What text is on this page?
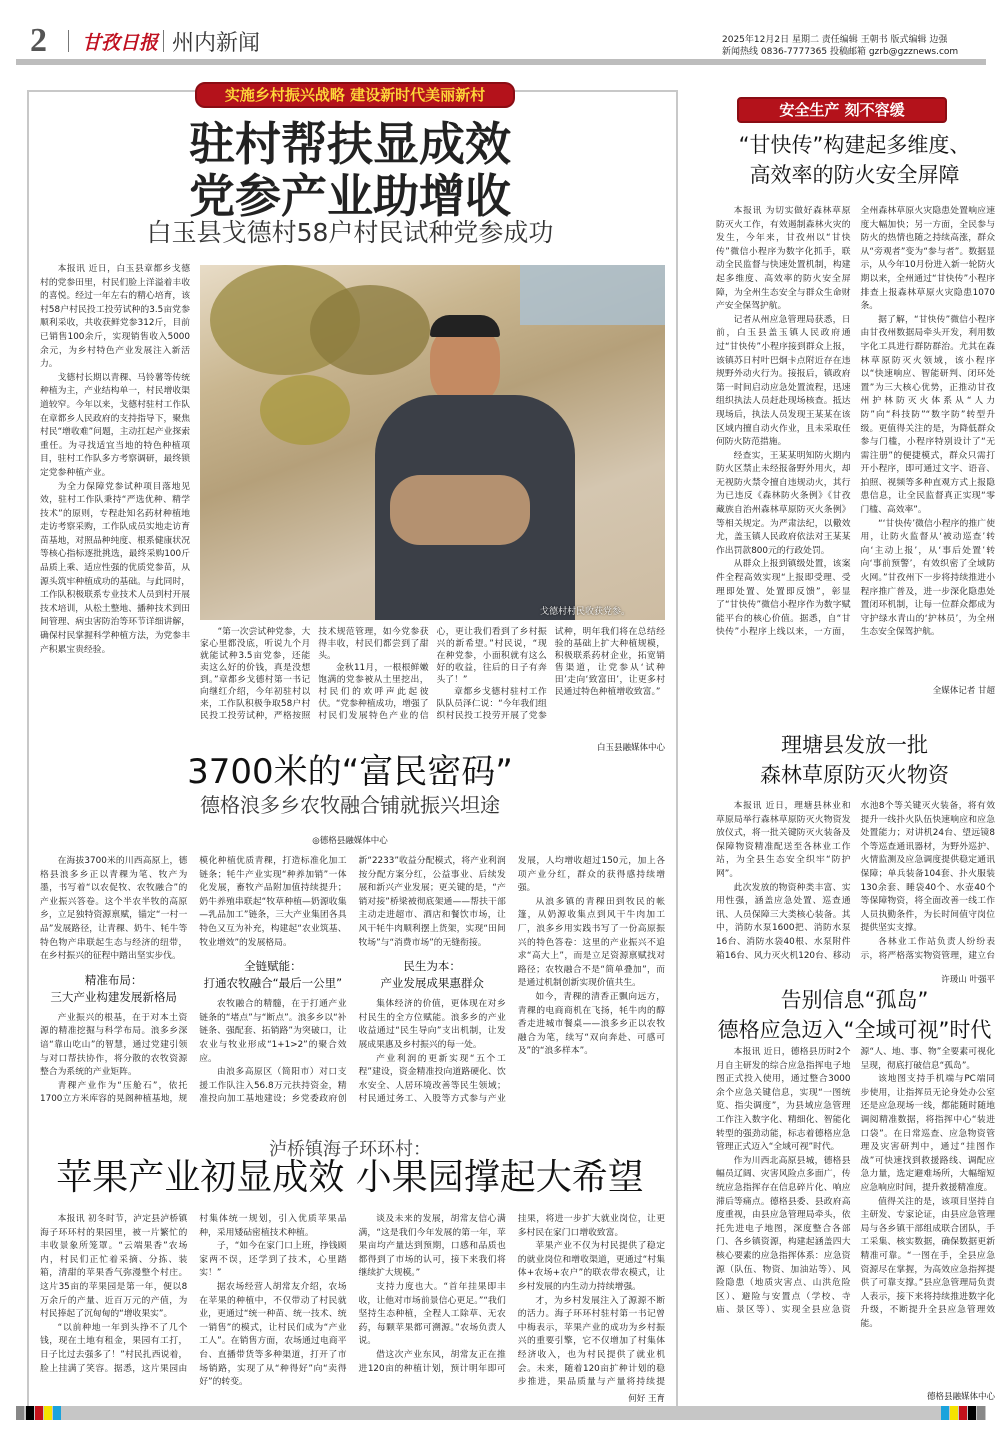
2 甘孜日报 州内新闻	2025年12月2日 星期二 责任编辑 王朝书 版式编辑 边强
新闻热线 0836-7777365 投稿邮箱 gzrb@gzznews.com
实施乡村振兴战略 建设新时代美丽新村
驻村帮扶显成效
党参产业助增收
白玉县戈德村58户村民试种党参成功

本报讯 近日，白玉县章都乡戈德村的党参田里，村民们脸上洋溢着丰收的喜悦。经过一年左右的精心培育，该村58户村民投工投劳试种的3.5亩党参顺利采收，共收获鲜党参312斤，目前已销售100余斤，实现销售收入5000余元，为乡村特色产业发展注入新活力。

戈德村长期以青稞、马铃薯等传统种植为主，产业结构单一，村民增收渠道较窄。今年以来，戈德村驻村工作队在章都乡人民政府的支持指导下，聚焦村民“增收难”问题，主动扛起产业探索重任。为寻找适宜当地的特色种植项目，驻村工作队多方考察调研，最终锁定党参种植产业。

为全力保障党参试种项目落地见效，驻村工作队秉持“严选优种、精学技术”的原则，专程赴知名药材种植地走访考察采购，工作队成员实地走访育苗基地，对照品种纯度、根系健康状况等核心指标逐批挑选，最终采购100斤品质上乘、适应性强的优质党参苗，从源头筑牢种植成功的基础。与此同时，工作队积极联系专业技术人员到村开展技术培训，从松土整地、播种技术到田间管理、病虫害防治等环节详细讲解，确保村民掌握科学种植方法，为党参丰产积累宝贵经验。

戈德村村民收获党参。

“第一次尝试种党参，大家心里都没底，听说九个月就能试种3.5亩党参，还能卖这么好的价钱，真是没想到。”章都乡戈德村第一书记向继红介绍，今年初驻村以来，工作队积极争取58户村民投工投劳试种，严格按照技术规范管理，如今党参获得丰收，村民们都尝到了甜头。

金秋11月，一根根鲜嫩饱满的党参被从土里挖出，村民们的欢呼声此起彼伏。“党参种植成功，增强了村民们发展特色产业的信心，更让我们看到了乡村振兴的新希望。”村民说，“现在种党参，小面积就有这么好的收益，往后的日子有奔头了！”

章都乡戈德村驻村工作队队员泽仁说：“今年我们组织村民投工投劳开展了党参试种，明年我们将在总结经验的基础上扩大种植规模，积极联系药材企业，拓宽销售渠道，让党参从‘试种田’走向‘致富田’，让更多村民通过特色种植增收致富。”

白玉县融媒体中心
3700米的“富民密码”
德格浪多乡农牧融合铺就振兴坦途
◎德格县融媒体中心

在海拔3700米的川西高原上，德格县浪多乡正以青稞为笔、牧产为墨，书写着“以农促牧、农牧融合”的产业振兴答卷。这个半农半牧的高原乡，立足独特资源禀赋，锚定“一村一品”发展路径，让青稞、奶牛、牦牛等特色物产串联起生态与经济的纽带，在乡村振兴的征程中踏出坚实步伐。

精准布局：
三大产业构建发展新格局

产业振兴的根基，在于对本土资源的精准挖掘与科学布局。浪多乡深谙“靠山吃山”的智慧，通过党建引领与对口帮扶协作，将分散的农牧资源整合为系统的产业矩阵。

青稞产业作为“压舱石”，依托1700立方米库容的晃阁种植基地，规模化种植优质青稞，打造标准化加工链条；牦牛产业实现“种养加销”一体化发展，畜牧产品附加值持续提升；奶牛养殖串联起“牧草种植—奶源收集—乳品加工”链条，三大产业集团各具特色又互为补充，构建起“农业筑基、牧业增效”的发展格局。

全链赋能：
打通农牧融合“最后一公里”

农牧融合的精髓，在于打通产业链条的“堵点”与“断点”。浪多乡以“补链条、强配套、拓销路”为突破口，让农业与牧业形成“1+1>2”的聚合效应。

由浪多高原区（简阳市）对口支援工作队注入56.8万元扶持资金，精准投向加工基地建设；乡党委政府创新“2233”收益分配模式，将产业利润按分配方案分红，公益事业、后续发展和新兴产业发展；更关键的是，“产销对接”桥梁被彻底架通——帮扶干部主动走进超市、酒店和餐饮市场，让风干牦牛肉顺利摆上货架，实现“田间牧场”与“消费市场”的无缝衔接。

民生为本：
产业发展成果惠群众

集体经济的价值，更体现在对乡村民生的全方位赋能。浪多乡的产业收益通过“民生导向”支出机制，让发展成果惠及乡村振兴的每一处。

产业利润的更新实现“五个工程”建设，资金精准投向道路硬化、饮水安全、人居环境改善等民生领域；村民通过务工、入股等方式参与产业发展，人均增收超过150元，加上各项产业分红，群众的获得感持续增强。

从浪多镇的青稞田到牧民的帐篷，从奶源收集点到风干牛肉加工厂，浪多乡用实践书写了一份高原振兴的特色答卷：这里的产业振兴不追求“高大上”，而是立足资源禀赋找对路径；农牧融合不是“简单叠加”，而是通过机制创新实现价值共生。

如今，青稞的清香正飘向远方，青稞的电商商机在飞扬，牦牛肉的醇香走进城市餐桌——浪多乡正以农牧融合为笔，续写“双向奔赴、可感可及”的“浪多样本”。

泸桥镇海子环环村：
苹果产业初显成效 小果园撑起大希望

本报讯 初冬时节，泸定县泸桥镇海子环环村的果园里，被一片繁忙的丰收景象所笼罩。“云端果香”农场内，村民们正忙着采摘、分拣、装箱，清甜的苹果香气弥漫整个村庄。这片35亩的苹果园是第一年，便以8万余斤的产量、近百万元的产值，为村民捧起了沉甸甸的“增收果实”。

“以前种地一年到头挣不了几个钱，现在土地有租金，果园有工打，日子比过去强多了！”村民扎西说着，脸上挂满了笑容。据悉，这片果园由村集体统一规划，引入优质苹果品种，采用矮砧密植技术种植。

子，“如今在家门口上班，挣钱顾家两不误，还学到了技术，心里踏实！”

据农场经营人胡常友介绍，农场在苹果的种植中，不仅带动了村民就业，更通过“统一种苗、统一技术、统一销售”的模式，让村民们成为“产业工人”。在销售方面，农场通过电商平台、直播带货等多种渠道，打开了市场销路，实现了从“种得好”向“卖得好”的转变。

谈及未来的发展，胡常友信心满满，“这是我们今年发展的第一年，苹果亩均产量达到预期，口感和品质也都得到了市场的认可，接下来我们将继续扩大规模。”

支持力度也大。“首年挂果即丰收，让他对市场前景信心更足。”“我们坚持生态种植，全程人工除草、无农药，每颗苹果都可溯源。”农场负责人说。

借这次产业东风，胡常友正在推进120亩的种植计划，预计明年即可挂果，将进一步扩大就业岗位，让更多村民在家门口增收致富。

苹果产业不仅为村民提供了稳定的就业岗位和增收渠道，更通过“村集体+农场+农户”的联农带农模式，让乡村发展的内生动力持续增强。

才，为乡村发展注入了源源不断的活力。海子环环村驻村第一书记曾中梅表示，苹果产业的成功为乡村振兴的重要引擎，它不仅增加了村集体经济收入，也为村民提供了就业机会。未来，随着120亩扩种计划的稳步推进，果品质量与产量将持续提

何好 王育
安全生产 刻不容缓
“甘快传”构建起多维度、
高效率的防火安全屏障

本报讯 为切实做好森林草原防灭火工作，有效遏制森林火灾的发生，今年来，甘孜州以“甘快传”微信小程序为数字化抓手，联动全民监督与快速处置机制，构建起多维度、高效率的防火安全屏障，为全州生态安全与群众生命财产安全保驾护航。

记者从州应急管理局获悉，日前，白玉县盖玉镇人民政府通过“甘快传”小程序接到群众上报，该镇苏日村叶巴炯卡点附近存在违规野外动火行为。接报后，镇政府第一时间启动应急处置流程，迅速组织执法人员赶赴现场核查。抵达现场后，执法人员发现王某某在该区域内擅自动火作业，且未采取任何防火防范措施。

经查实，王某某明知防火期内防火区禁止未经报备野外用火，却无视防火禁令擅自违规动火，其行为已违反《森林防火条例》《甘孜藏族自治州森林草原防灭火条例》等相关规定。为严肃法纪，以儆效尤，盖玉镇人民政府依法对王某某作出罚款800元的行政处罚。

从群众上报到镇级处置，该案件全程高效实现“上报即受理、受理即处置、处置即反馈”，彰显了“甘快传”微信小程序作为数字赋能平台的核心价值。据悉，自“甘快传”小程序上线以来，一方面，全州森林草原火灾隐患处置响应速度大幅加快；另一方面，全民参与防火的热情也随之持续高涨，群众从“旁观者”变为“参与者”。数据显示，从今年10月份进入新一轮防火期以来，全州通过“甘快传”小程序排查上报森林草原火灾隐患1070条。

据了解，“甘快传”微信小程序由甘孜州数据局牵头开发，利用数字化工具进行群防群治。尤其在森林草原防灭火领域，该小程序以“快速响应、智能研判、闭环处置”为三大核心优势，正推动甘孜州护林防灭火体系从“人力防”向“科技防”“数字防”转型升级。更值得关注的是，为降低群众参与门槛，小程序特别设计了“无需注册”的便捷模式，群众只需打开小程序，即可通过文字、语音、拍照、视频等多种直观方式上报隐患信息，让全民监督真正实现“零门槛、高效率”。

“‘甘快传’微信小程序的推广使用，让防火监督从‘被动巡查’转向‘主动上报’，从‘事后处置’转向‘事前预警’，有效织密了全域防火网。”甘孜州下一步将持续推进小程序推广普及，进一步深化隐患处置闭环机制，让每一位群众都成为守护绿水青山的‘护林员’，为全州生态安全保驾护航。

全媒体记者 甘超
理塘县发放一批
森林草原防灭火物资

本报讯 近日，理塘县林业和草原局举行森林草原防灭火物资发放仪式，将一批关键防灭火装备及保障物资精准配送至各林业工作站，为全县生态安全织牢“防护网”。

此次发放的物资种类丰富、实用性强，涵盖应急处置、巡查通讯、人员保障三大类核心装备。其中，消防水泵1600把、消防水泵16台、消防水袋40根、水泵附件箱16台、风力灭火机120台、移动水池8个等关键灭火装备，将有效提升一线扑火队伍快速响应和应急处置能力；对讲机24台、望远镜8个等巡查通讯器材，为野外巡护、火情监测及应急调度提供稳定通讯保障；单兵装备104套、扑火服装130余套、睡袋40个、水壶40个等保障物资，将全面改善一线工作人员执勤条件，为长时间值守岗位提供坚实支撑。

各林业工作站负责人纷纷表示，将严格落实物资管理，建立台

许瑗山 叶强平
告别信息“孤岛”
德格应急迈入“全域可视”时代

本报讯 近日，德格县历时2个月自主研发的综合应急指挥电子地图正式投入使用，通过整合3000余个应急关键信息，实现“一图统览、指尖调度”，为县域应急管理工作注入数字化、精细化、智能化转型的强劲动能，标志着德格应急管理正式迈入“全域可视”时代。

作为川西北高原县城，德格县幅员辽阔、灾害风险点多面广，传统应急指挥存在信息碎片化、响应滞后等痛点。德格县委、县政府高度重视，由县应急管理局牵头，依托先进电子地图，深度整合各部门、各乡镇资源，构建起涵盖四大核心要素的应急指挥体系：应急资源（队伍、物资、加油站等）、风险隐患（地质灾害点、山洪危险区）、避险与安置点（学校、寺庙、景区等）、实现全县应急资源“人、地、事、物”全要素可视化呈现，彻底打破信息“孤岛”。

该地图支持手机端与PC端同步使用，让指挥员无论身处办公室还是应急现场一线，都能随时随地调阅精准数据，将指挥中心“装进口袋”。在日常巡查、应急物资管理及灾害研判中，通过“挂图作战”可快速找到救援路线、调配应急力量，选定避难场所，大幅缩短应急响应时间，提升救援精准度。

值得关注的是，该项目坚持自主研发、专家论证，由县应急管理局与各乡镇干部组成联合团队，手工采集、核实数据，确保数据更新精准可靠。“一图在手，全县应急资源尽在掌握，为高效应急指挥提供了可靠支撑。”县应急管理局负责人表示，接下来将持续推进数字化升级，不断提升全县应急管理效能。

德格县融媒体中心
